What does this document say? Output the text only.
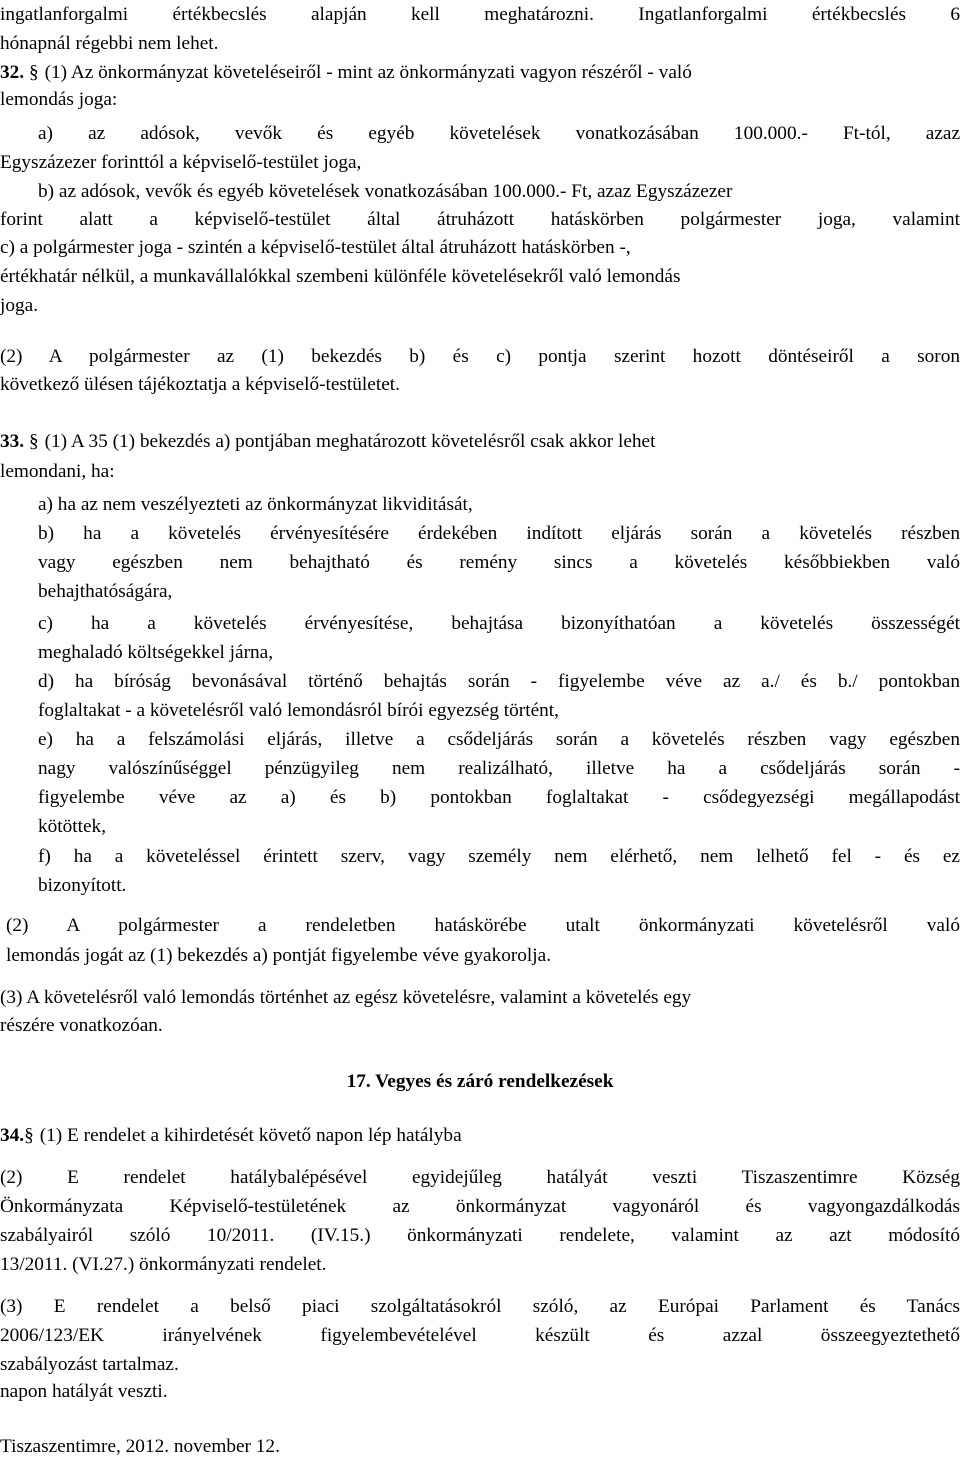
ingatlanforgalmi értékbecslés alapján kell meghatározni. Ingatlanforgalmi értékbecslés 6
hónapnál régebbi nem lehet.
32. § (1) Az önkormányzat követeléseiről - mint az önkormányzati vagyon részéről - való
lemondás joga:
a) az adósok, vevők és egyéb követelések vonatkozásában 100.000.- Ft-tól, azaz
Egyszázezer forinttól a képviselő-testület joga,
b) az adósok, vevők és egyéb követelések vonatkozásában 100.000.- Ft, azaz Egyszázezer
forint alatt a képviselő-testület által átruházott hatáskörben polgármester joga, valamint
c) a polgármester joga - szintén a képviselő-testület által átruházott hatáskörben -,
értékhatár nélkül, a munkavállalókkal szembeni különféle követelésekről való lemondás
joga.
(2) A polgármester az (1) bekezdés b) és c) pontja szerint hozott döntéseiről a soron
következő ülésen tájékoztatja a képviselő-testületet.
33. § (1) A 35 (1) bekezdés a) pontjában meghatározott követelésről csak akkor lehet
lemondani, ha:
a) ha az nem veszélyezteti az önkormányzat likviditását,
b) ha a követelés érvényesítésére érdekében indított eljárás során a követelés részben
vagy egészben nem behajtható és remény sincs a követelés későbbiekben való
behajthatóságára,
c) ha a követelés érvényesítése, behajtása bizonyíthatóan a követelés összességét
meghaladó költségekkel járna,
d) ha bíróság bevonásával történő behajtás során - figyelembe véve az a./ és b./ pontokban
foglaltakat - a követelésről való lemondásról bírói egyezség történt,
e) ha a felszámolási eljárás, illetve a csődeljárás során a követelés részben vagy egészben
nagy valószínűséggel pénzügyileg nem realizálható, illetve ha a csődeljárás során -
figyelembe véve az a) és b) pontokban foglaltakat - csődegyezségi megállapodást
kötöttek,
f) ha a követeléssel érintett szerv, vagy személy nem elérhető, nem lelhető fel - és ez
bizonyított.
(2) A polgármester a rendeletben hatáskörébe utalt önkormányzati követelésről való
lemondás jogát az (1) bekezdés a) pontját figyelembe véve gyakorolja.
(3) A követelésről való lemondás történhet az egész követelésre, valamint a követelés egy
részére vonatkozóan.
17. Vegyes és záró rendelkezések
34.§ (1) E rendelet a kihirdetését követő napon lép hatályba
(2) E rendelet hatálybalépésével egyidejűleg hatályát veszti Tiszaszentimre Község
Önkormányzata Képviselő-testületének az önkormányzat vagyonáról és vagyongazdálkodás
szabályairól szóló 10/2011. (IV.15.) önkormányzati rendelete, valamint az azt módosító
13/2011. (VI.27.) önkormányzati rendelet.
(3) E rendelet a belső piaci szolgáltatásokról szóló, az Európai Parlament és Tanács
2006/123/EK irányelvének figyelembevételével készült és azzal összeegyeztethető
szabályozást tartalmaz.
napon hatályát veszti.
Tiszaszentimre, 2012. november 12.
